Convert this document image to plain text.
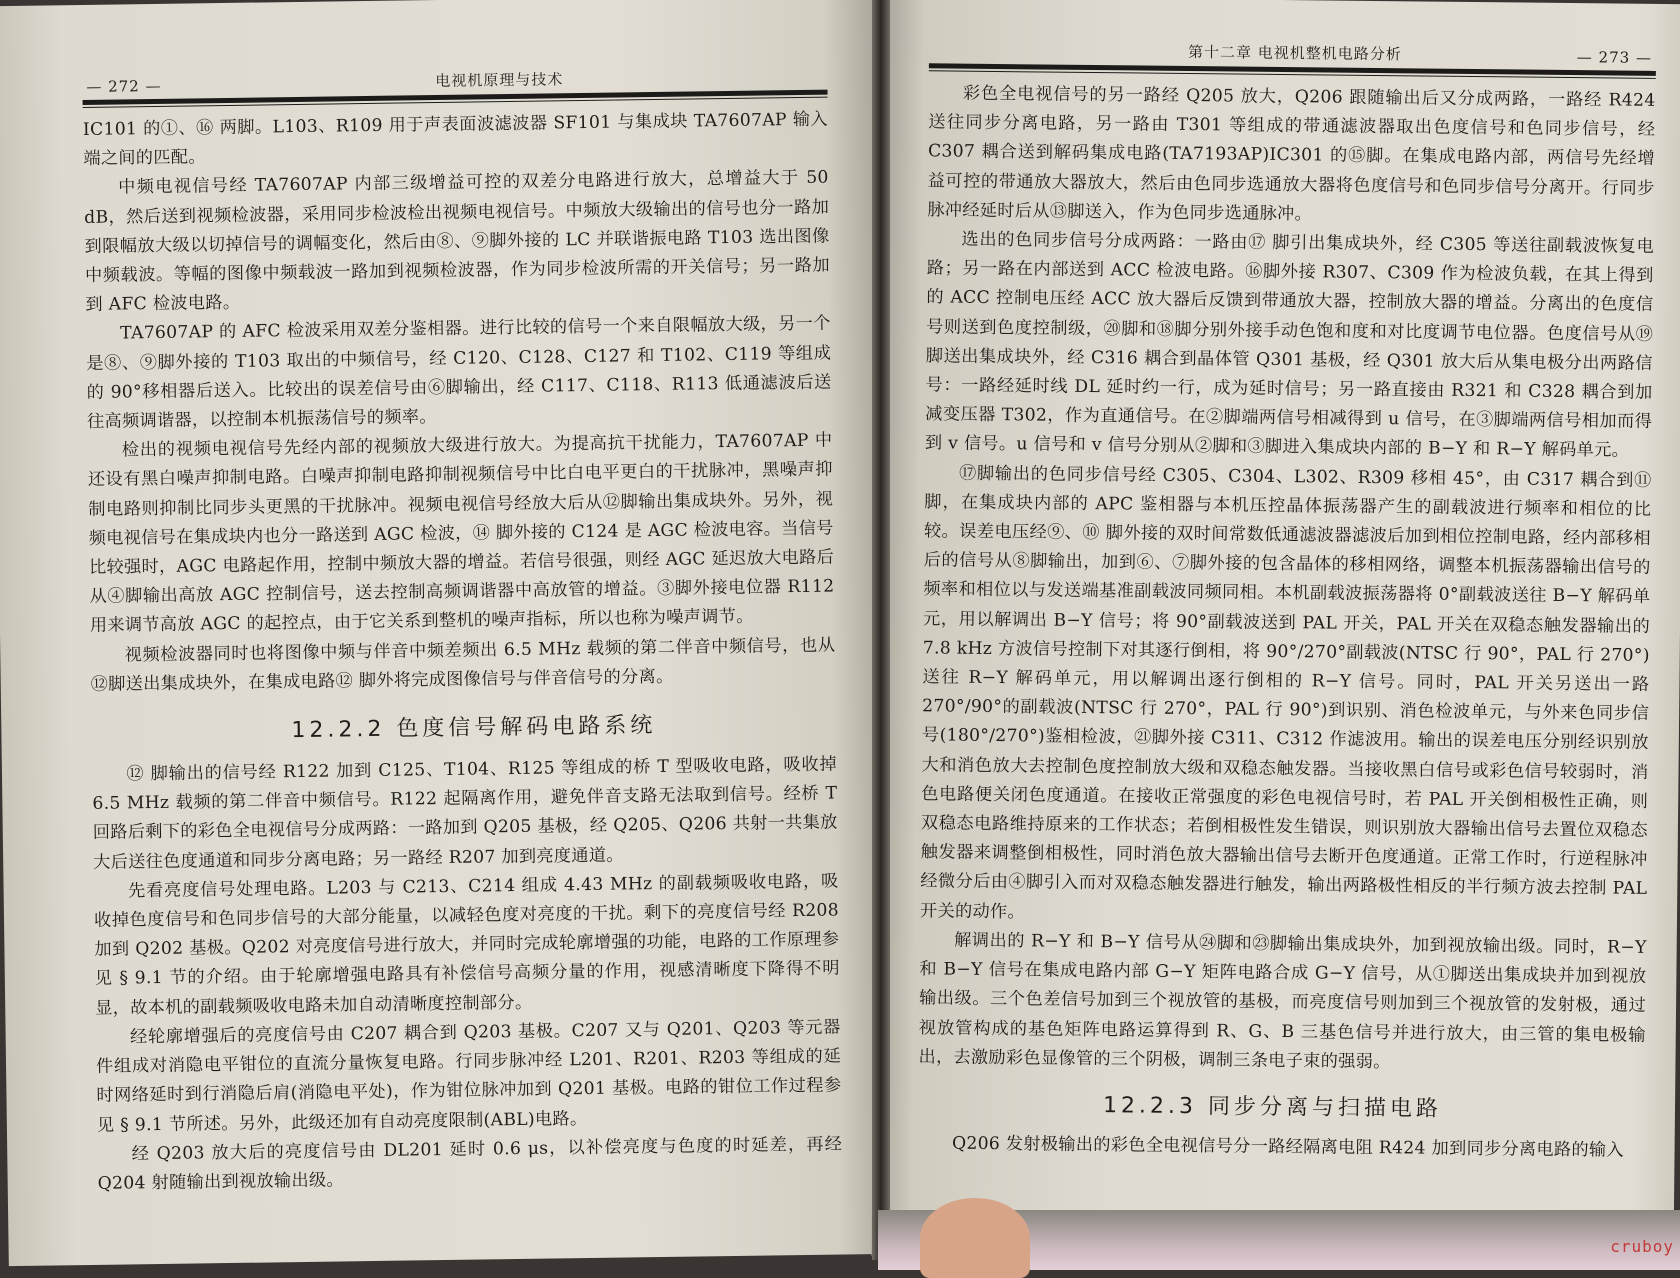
— 272 —	电视机原理与技术

IC101 的①、⑯ 两脚。L103、R109 用于声表面波滤波器 SF101 与集成块 TA7607AP 输入端之间的匹配。

中频电视信号经 TA7607AP 内部三级增益可控的双差分电路进行放大，总增益大于 50 dB，然后送到视频检波器，采用同步检波检出视频电视信号。中频放大级输出的信号也分一路加到限幅放大级以切掉信号的调幅变化，然后由⑧、⑨脚外接的 LC 并联谐振电路 T103 选出图像中频载波。等幅的图像中频载波一路加到视频检波器，作为同步检波所需的开关信号；另一路加到 AFC 检波电路。

TA7607AP 的 AFC 检波采用双差分鉴相器。进行比较的信号一个来自限幅放大级，另一个是⑧、⑨脚外接的 T103 取出的中频信号，经 C120、C128、C127 和 T102、C119 等组成的 90°移相器后送入。比较出的误差信号由⑥脚输出，经 C117、C118、R113 低通滤波后送往高频调谐器，以控制本机振荡信号的频率。

检出的视频电视信号先经内部的视频放大级进行放大。为提高抗干扰能力，TA7607AP 中还设有黑白噪声抑制电路。白噪声抑制电路抑制视频信号中比白电平更白的干扰脉冲，黑噪声抑制电路则抑制比同步头更黑的干扰脉冲。视频电视信号经放大后从⑫脚输出集成块外。另外，视频电视信号在集成块内也分一路送到 AGC 检波，⑭ 脚外接的 C124 是 AGC 检波电容。当信号比较强时，AGC 电路起作用，控制中频放大器的增益。若信号很强，则经 AGC 延迟放大电路后从④脚输出高放 AGC 控制信号，送去控制高频调谐器中高放管的增益。③脚外接电位器 R112 用来调节高放 AGC 的起控点，由于它关系到整机的噪声指标，所以也称为噪声调节。

视频检波器同时也将图像中频与伴音中频差频出 6.5 MHz 载频的第二伴音中频信号，也从⑫脚送出集成块外，在集成电路⑫ 脚外将完成图像信号与伴音信号的分离。

12.2.2 色度信号解码电路系统

⑫ 脚输出的信号经 R122 加到 C125、T104、R125 等组成的桥 T 型吸收电路，吸收掉 6.5 MHz 载频的第二伴音中频信号。R122 起隔离作用，避免伴音支路无法取到信号。经桥 T 回路后剩下的彩色全电视信号分成两路：一路加到 Q205 基极，经 Q205、Q206 共射一共集放大后送往色度通道和同步分离电路；另一路经 R207 加到亮度通道。

先看亮度信号处理电路。L203 与 C213、C214 组成 4.43 MHz 的副载频吸收电路，吸收掉色度信号和色同步信号的大部分能量，以减轻色度对亮度的干扰。剩下的亮度信号经 R208 加到 Q202 基极。Q202 对亮度信号进行放大，并同时完成轮廓增强的功能，电路的工作原理参见 § 9.1 节的介绍。由于轮廓增强电路具有补偿信号高频分量的作用，视感清晰度下降得不明显，故本机的副载频吸收电路未加自动清晰度控制部分。

经轮廓增强后的亮度信号由 C207 耦合到 Q203 基极。C207 又与 Q201、Q203 等元器件组成对消隐电平钳位的直流分量恢复电路。行同步脉冲经 L201、R201、R203 等组成的延时网络延时到行消隐后肩(消隐电平处)，作为钳位脉冲加到 Q201 基极。电路的钳位工作过程参见 § 9.1 节所述。另外，此级还加有自动亮度限制(ABL)电路。

经 Q203 放大后的亮度信号由 DL201 延时 0.6 μs，以补偿亮度与色度的时延差，再经 Q204 射随输出到视放输出级。

第十二章 电视机整机电路分析	— 273 —

彩色全电视信号的另一路经 Q205 放大，Q206 跟随输出后又分成两路，一路经 R424 送往同步分离电路，另一路由 T301 等组成的带通滤波器取出色度信号和色同步信号，经 C307 耦合送到解码集成电路(TA7193AP)IC301 的⑮脚。在集成电路内部，两信号先经增益可控的带通放大器放大，然后由色同步选通放大器将色度信号和色同步信号分离开。行同步脉冲经延时后从⑬脚送入，作为色同步选通脉冲。

选出的色同步信号分成两路：一路由⑰ 脚引出集成块外，经 C305 等送往副载波恢复电路；另一路在内部送到 ACC 检波电路。⑯脚外接 R307、C309 作为检波负载，在其上得到的 ACC 控制电压经 ACC 放大器后反馈到带通放大器，控制放大器的增益。分离出的色度信号则送到色度控制级，⑳脚和⑱脚分别外接手动色饱和度和对比度调节电位器。色度信号从⑲脚送出集成块外，经 C316 耦合到晶体管 Q301 基极，经 Q301 放大后从集电极分出两路信号：一路经延时线 DL 延时约一行，成为延时信号；另一路直接由 R321 和 C328 耦合到加减变压器 T302，作为直通信号。在②脚端两信号相减得到 u 信号，在③脚端两信号相加而得到 v 信号。u 信号和 v 信号分别从②脚和③脚进入集成块内部的 B−Y 和 R−Y 解码单元。

⑰脚输出的色同步信号经 C305、C304、L302、R309 移相 45°，由 C317 耦合到⑪ 脚，在集成块内部的 APC 鉴相器与本机压控晶体振荡器产生的副载波进行频率和相位的比较。误差电压经⑨、⑩ 脚外接的双时间常数低通滤波器滤波后加到相位控制电路，经内部移相后的信号从⑧脚输出，加到⑥、⑦脚外接的包含晶体的移相网络，调整本机振荡器输出信号的频率和相位以与发送端基准副载波同频同相。本机副载波振荡器将 0°副载波送往 B−Y 解码单元，用以解调出 B−Y 信号；将 90°副载波送到 PAL 开关，PAL 开关在双稳态触发器输出的 7.8 kHz 方波信号控制下对其逐行倒相，将 90°/270°副载波(NTSC 行 90°，PAL 行 270°)送往 R−Y 解码单元，用以解调出逐行倒相的 R−Y 信号。同时，PAL 开关另送出一路 270°/90°的副载波(NTSC 行 270°，PAL 行 90°)到识别、消色检波单元，与外来色同步信号(180°/270°)鉴相检波，㉑脚外接 C311、C312 作滤波用。输出的误差电压分别经识别放大和消色放大去控制色度控制放大级和双稳态触发器。当接收黑白信号或彩色信号较弱时，消色电路便关闭色度通道。在接收正常强度的彩色电视信号时，若 PAL 开关倒相极性正确，则双稳态电路维持原来的工作状态；若倒相极性发生错误，则识别放大器输出信号去置位双稳态触发器来调整倒相极性，同时消色放大器输出信号去断开色度通道。正常工作时，行逆程脉冲经微分后由④脚引入而对双稳态触发器进行触发，输出两路极性相反的半行频方波去控制 PAL 开关的动作。

解调出的 R−Y 和 B−Y 信号从㉔脚和㉓脚输出集成块外，加到视放输出级。同时，R−Y 和 B−Y 信号在集成电路内部 G−Y 矩阵电路合成 G−Y 信号，从①脚送出集成块并加到视放输出级。三个色差信号加到三个视放管的基极，而亮度信号则加到三个视放管的发射极，通过视放管构成的基色矩阵电路运算得到 R、G、B 三基色信号并进行放大，由三管的集电极输出，去激励彩色显像管的三个阴极，调制三条电子束的强弱。

12.2.3 同步分离与扫描电路

Q206 发射极输出的彩色全电视信号分一路经隔离电阻 R424 加到同步分离电路的输入

cruboy
